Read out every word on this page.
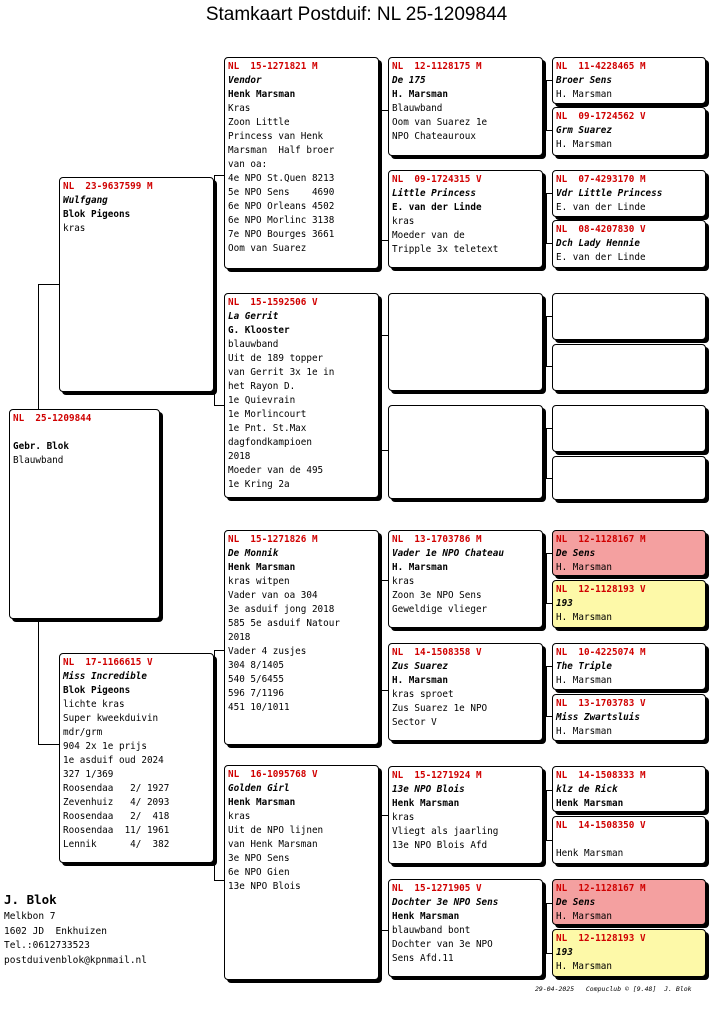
Stamkaart Postduif: NL 25-1209844
NL  25-1209844

Gebr. Blok
Blauwband
NL  23-9637599 M
Wulfgang
Blok Pigeons
kras
NL  17-1166615 V
Miss Incredible
Blok Pigeons
lichte kras
Super kweekduivin
mdr/grm
904 2x 1e prijs
1e asduif oud 2024
327 1/369
Roosendaa   2/ 1927
Zevenhuiz   4/ 2093
Roosendaa   2/  418
Roosendaa  11/ 1961
Lennik      4/  382
NL  15-1271821 M
Vendor
Henk Marsman
Kras
Zoon Little
Princess van Henk
Marsman  Half broer
van oa:
4e NPO St.Quen 8213
5e NPO Sens    4690
6e NPO Orleans 4502
6e NPO Morlinc 3138
7e NPO Bourges 3661
Oom van Suarez
NL  15-1592506 V
La Gerrit
G. Klooster
blauwband
Uit de 189 topper
van Gerrit 3x 1e in
het Rayon D.
1e Quievrain
1e Morlincourt
1e Pnt. St.Max
dagfondkampioen
2018
Moeder van de 495
1e Kring 2a
NL  15-1271826 M
De Monnik
Henk Marsman
kras witpen
Vader van oa 304
3e asduif jong 2018
585 5e asduif Natour
2018
Vader 4 zusjes
304 8/1405
540 5/6455
596 7/1196
451 10/1011
NL  16-1095768 V
Golden Girl
Henk Marsman
kras
Uit de NPO lijnen
van Henk Marsman
3e NPO Sens
6e NPO Gien
13e NPO Blois
NL  12-1128175 M
De 175
H. Marsman
Blauwband
Oom van Suarez 1e
NPO Chateauroux
NL  09-1724315 V
Little Princess
E. van der Linde
kras
Moeder van de
Tripple 3x teletext
NL  13-1703786 M
Vader 1e NPO Chateau
H. Marsman
kras
Zoon 3e NPO Sens
Geweldige vlieger
NL  14-1508358 V
Zus Suarez
H. Marsman
kras sproet
Zus Suarez 1e NPO
Sector V
NL  15-1271924 M
13e NPO Blois
Henk Marsman
kras
Vliegt als jaarling
13e NPO Blois Afd
NL  15-1271905 V
Dochter 3e NPO Sens
Henk Marsman
blauwband bont
Dochter van 3e NPO
Sens Afd.11
NL  11-4228465 M
Broer Sens
H. Marsman
NL  09-1724562 V
Grm Suarez
H. Marsman
NL  07-4293170 M
Vdr Little Princess
E. van der Linde
NL  08-4207830 V
Dch Lady Hennie
E. van der Linde
NL  12-1128167 M
De Sens
H. Marsman
NL  12-1128193 V
193
H. Marsman
NL  10-4225074 M
The Triple
H. Marsman
NL  13-1703783 V
Miss Zwartsluis
H. Marsman
NL  14-1508333 M
klz de Rick
Henk Marsman
NL  14-1508350 V

Henk Marsman
NL  12-1128167 M
De Sens
H. Marsman
NL  12-1128193 V
193
H. Marsman
J. Blok
Melkbon 7
1602 JD  Enkhuizen
Tel.:0612733523
postduivenblok@kpnmail.nl
29-04-2025 Compuclub © [9.48] J. Blok
